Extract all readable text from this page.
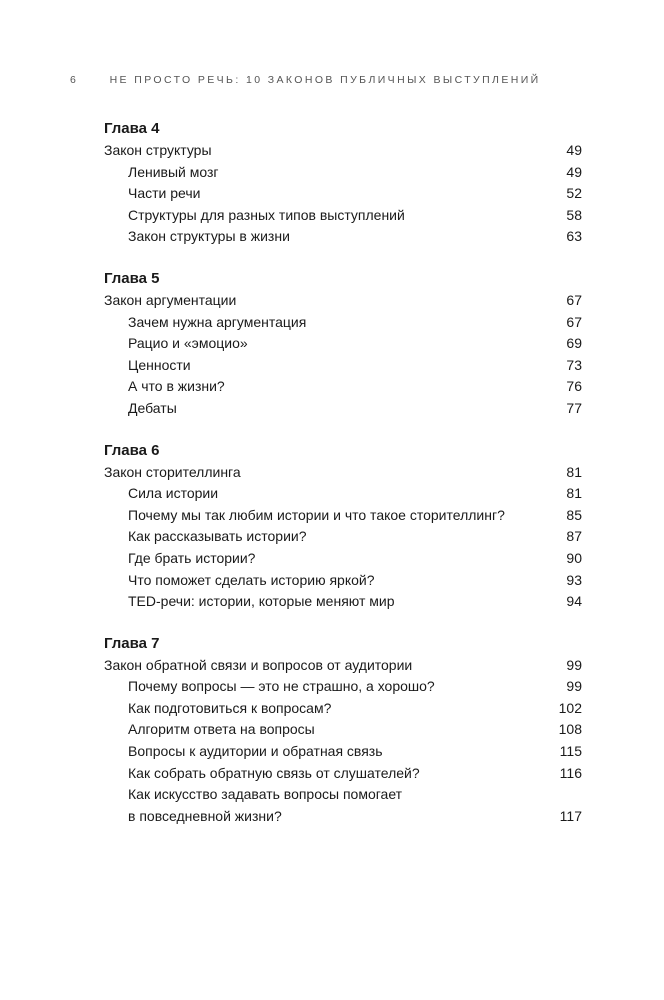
6	НЕ ПРОСТО РЕЧЬ: 10 ЗАКОНОВ ПУБЛИЧНЫХ ВЫСТУПЛЕНИЙ
Глава 4
Закон структуры	49
Ленивый мозг	49
Части речи	52
Структуры для разных типов выступлений	58
Закон структуры в жизни	63
Глава 5
Закон аргументации	67
Зачем нужна аргументация	67
Рацио и «эмоцио»	69
Ценности	73
А что в жизни?	76
Дебаты	77
Глава 6
Закон сторителлинга	81
Сила истории	81
Почему мы так любим истории и что такое сторителлинг?	85
Как рассказывать истории?	87
Где брать истории?	90
Что поможет сделать историю яркой?	93
TED-речи: истории, которые меняют мир	94
Глава 7
Закон обратной связи и вопросов от аудитории	99
Почему вопросы — это не страшно, а хорошо?	99
Как подготовиться к вопросам?	102
Алгоритм ответа на вопросы	108
Вопросы к аудитории и обратная связь	115
Как собрать обратную связь от слушателей?	116
Как искусство задавать вопросы помогает
в повседневной жизни?	117
